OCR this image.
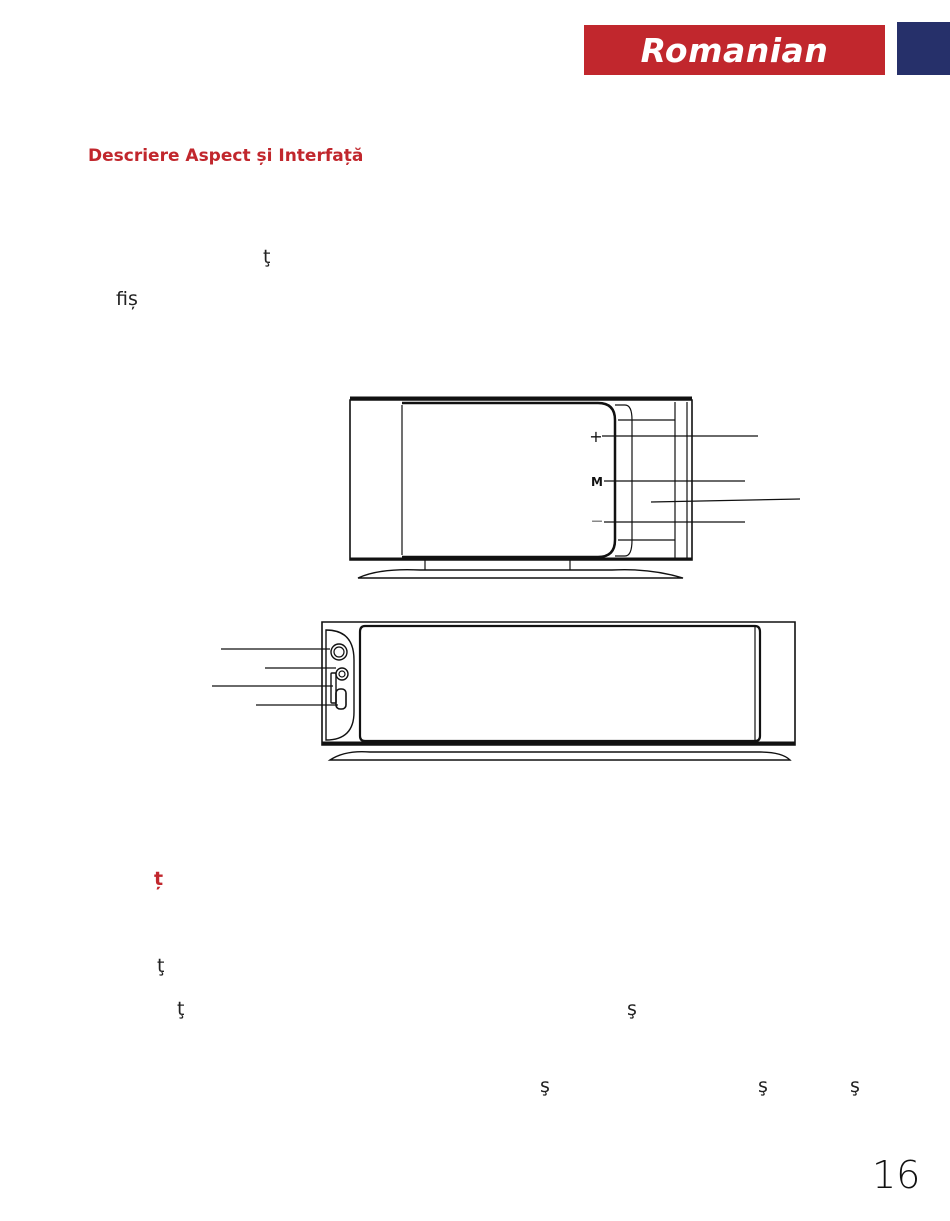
Romanian
Descriere Aspect și Interfață
ţ
fiș
+
M
—
ț
ţ
ţ	ş
ş	ş	ş
16
